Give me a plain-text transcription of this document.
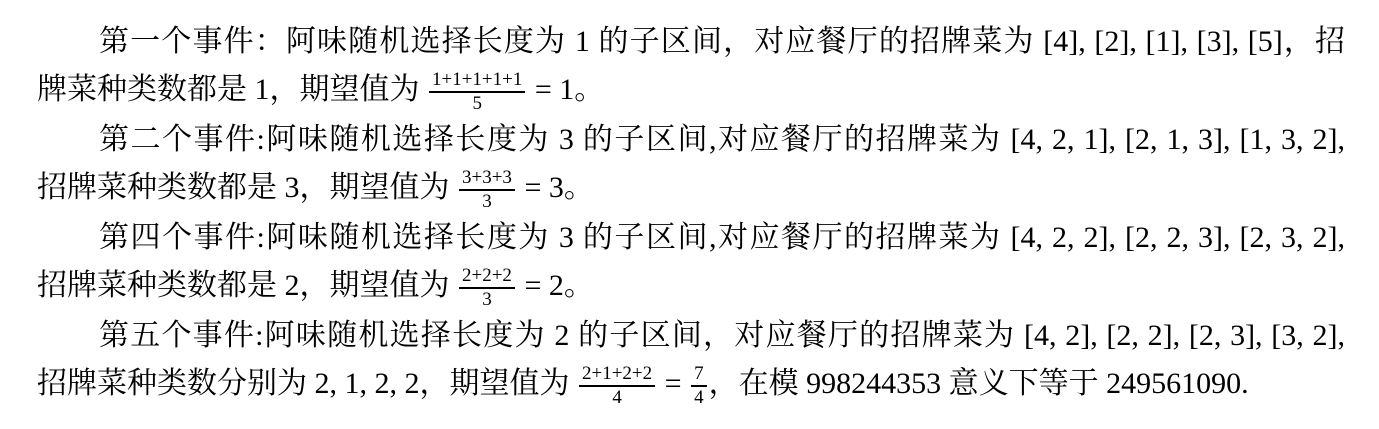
第一个事件：阿味随机选择长度为 1 的子区间，对应餐厅的招牌菜为 [4], [2], [1], [3], [5]，招
牌菜种类数都是 1，期望值为 $\frac{1+1+1+1+1}{5} = 1$。
第二个事件:阿味随机选择长度为 3 的子区间,对应餐厅的招牌菜为 [4, 2, 1], [2, 1, 3], [1, 3, 2],
招牌菜种类数都是 3，期望值为 $\frac{3+3+3}{3} = 3$。
第四个事件:阿味随机选择长度为 3 的子区间,对应餐厅的招牌菜为 [4, 2, 2], [2, 2, 3], [2, 3, 2],
招牌菜种类数都是 2，期望值为 $\frac{2+2+2}{3} = 2$。
第五个事件:阿味随机选择长度为 2 的子区间，对应餐厅的招牌菜为 [4, 2], [2, 2], [2, 3], [3, 2],
招牌菜种类数分别为 2, 1, 2, 2，期望值为 $\frac{2+1+2+2}{4} = \frac{7}{4}$ ，在模 998244353 意义下等于 249561090.
